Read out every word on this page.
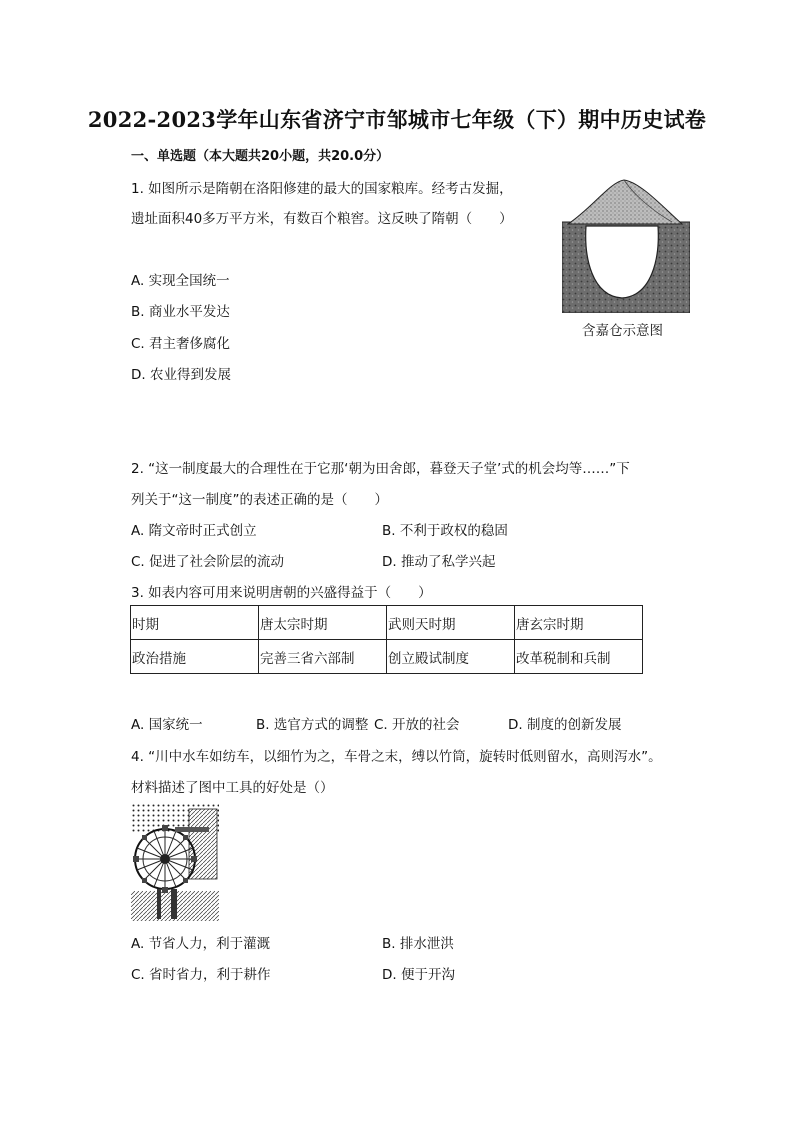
2022-2023学年山东省济宁市邹城市七年级（下）期中历史试卷
一、单选题（本大题共20小题，共20.0分）
1. 如图所示是隋朝在洛阳修建的最大的国家粮库。经考古发掘，
遗址面积40多万平方米，有数百个粮窖。这反映了隋朝（　　）
含嘉仓示意图
A. 实现全国统一
B. 商业水平发达
C. 君主奢侈腐化
D. 农业得到发展
2. “这一制度最大的合理性在于它那‘朝为田舍郎，暮登天子堂’式的机会均等……”下
列关于“这一制度”的表述正确的是（　　）
A. 隋文帝时正式创立	B. 不利于政权的稳固
C. 促进了社会阶层的流动	D. 推动了私学兴起
3. 如表内容可用来说明唐朝的兴盛得益于（　　）
时期	唐太宗时期	武则天时期	唐玄宗时期
政治措施	完善三省六部制	创立殿试制度	改革税制和兵制
A. 国家统一	B. 选官方式的调整 C. 开放的社会	D. 制度的创新发展
4. “川中水车如纺车，以细竹为之，车骨之末，缚以竹筒，旋转时低则留水，高则泻水”。
材料描述了图中工具的好处是（）
A. 节省人力，利于灌溉	B. 排水泄洪
C. 省时省力，利于耕作	D. 便于开沟
